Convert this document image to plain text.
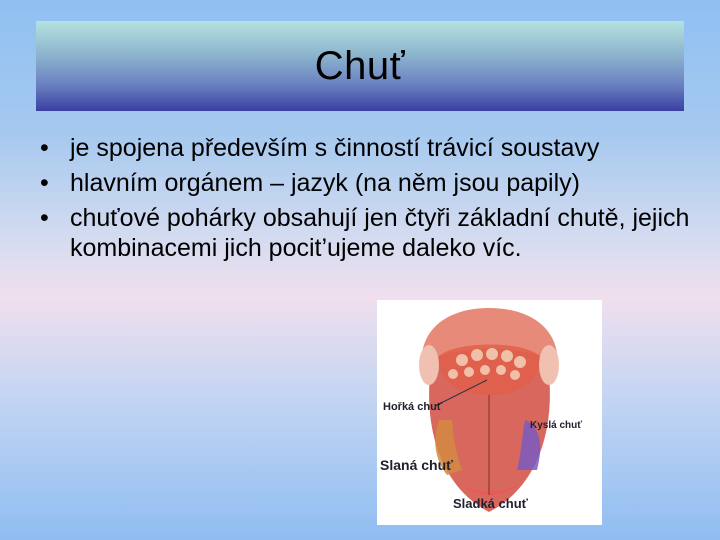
Chuť
• je spojena především s činností trávicí soustavy
• hlavním orgánem – jazyk (na něm jsou papily)
• chuťové pohárky obsahují jen čtyři základní chutě, jejich kombinacemi jich pocit’ujeme daleko víc.
Hořká chuť
Kyslá chuť
Slaná chuť
Sladká chuť
